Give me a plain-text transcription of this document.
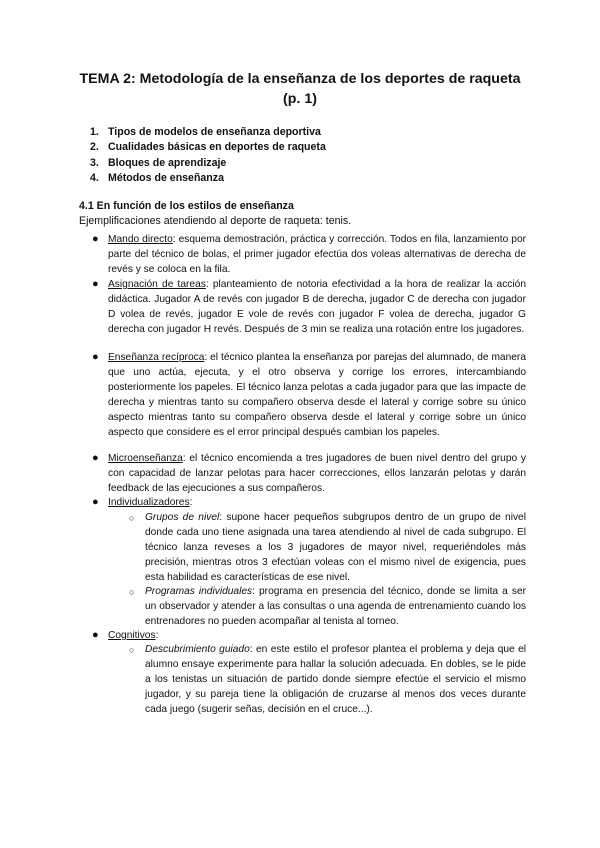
TEMA 2: Metodología de la enseñanza de los deportes de raqueta
(p. 1)
1. Tipos de modelos de enseñanza deportiva
2. Cualidades básicas en deportes de raqueta
3. Bloques de aprendizaje
4. Métodos de enseñanza
4.1 En función de los estilos de enseñanza
Ejemplificaciones atendiendo al deporte de raqueta: tenis.
● Mando directo: esquema demostración, práctica y corrección. Todos en fila, lanzamiento por parte del técnico de bolas, el primer jugador efectúa dos voleas alternativas de derecha de revés y se coloca en la fila.
● Asignación de tareas: planteamiento de notoria efectividad a la hora de realizar la acción didáctica. Jugador A de revés con jugador B de derecha, jugador C de derecha con jugador D volea de revés, jugador E vole de revés con jugador F volea de derecha, jugador G derecha con jugador H revés. Después de 3 min se realiza una rotación entre los jugadores.
● Enseñanza recíproca: el técnico plantea la enseñanza por parejas del alumnado, de manera que uno actúa, ejecuta, y el otro observa y corrige los errores, intercambiando posteriormente los papeles. El técnico lanza pelotas a cada jugador para que las impacte de derecha y mientras tanto su compañero observa desde el lateral y corrige sobre su único aspecto mientras tanto su compañero observa desde el lateral y corrige sobre un único aspecto que considere es el error principal después cambian los papeles.
● Microenseñanza: el técnico encomienda a tres jugadores de buen nivel dentro del grupo y con capacidad de lanzar pelotas para hacer correcciones, ellos lanzarán pelotas y darán feedback de las ejecuciones a sus compañeros.
● Individualizadores:
○ Grupos de nivel: supone hacer pequeños subgrupos dentro de un grupo de nivel donde cada uno tiene asignada una tarea atendiendo al nivel de cada subgrupo. El técnico lanza reveses a los 3 jugadores de mayor nivel, requeriéndoles más precisión, mientras otros 3 efectúan voleas con el mismo nivel de exigencia, pues esta habilidad es características de ese nivel.
○ Programas individuales: programa en presencia del técnico, donde se limita a ser un observador y atender a las consultas o una agenda de entrenamiento cuando los entrenadores no pueden acompañar al tenista al torneo.
● Cognitivos:
○ Descubrimiento guiado: en este estilo el profesor plantea el problema y deja que el alumno ensaye experimente para hallar la solución adecuada. En dobles, se le pide a los tenistas un situación de partido donde siempre efectúe el servicio el mismo jugador, y su pareja tiene la obligación de cruzarse al menos dos veces durante cada juego (sugerir señas, decisión en el cruce...).
